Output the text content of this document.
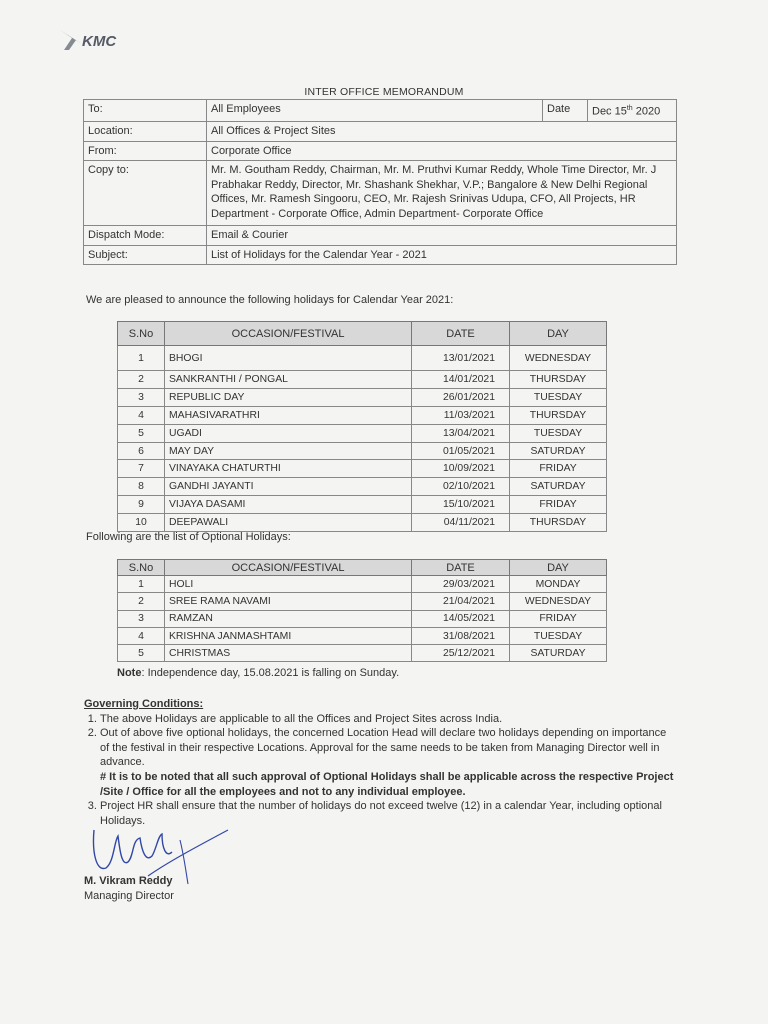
KMC
INTER OFFICE MEMORANDUM
To:	All Employees	Date	Dec 15th 2020
Location:	All Offices & Project Sites		
From:	Corporate Office		
Copy to:	Mr. M. Goutham Reddy, Chairman, Mr. M. Pruthvi Kumar Reddy, Whole Time Director, Mr. J Prabhakar Reddy, Director, Mr. Shashank Shekhar, V.P.; Bangalore & New Delhi Regional Offices, Mr. Ramesh Singooru, CEO, Mr. Rajesh Srinivas Udupa, CFO, All Projects, HR Department - Corporate Office, Admin Department- Corporate Office		
Dispatch Mode:	Email & Courier		
Subject:	List of Holidays for the Calendar Year - 2021		
We are pleased to announce the following holidays for Calendar Year 2021:
S.No	OCCASION/FESTIVAL	DATE	DAY
1	BHOGI	13/01/2021	WEDNESDAY
2	SANKRANTHI / PONGAL	14/01/2021	THURSDAY
3	REPUBLIC DAY	26/01/2021	TUESDAY
4	MAHASIVARATHRI	11/03/2021	THURSDAY
5	UGADI	13/04/2021	TUESDAY
6	MAY DAY	01/05/2021	SATURDAY
7	VINAYAKA CHATURTHI	10/09/2021	FRIDAY
8	GANDHI JAYANTI	02/10/2021	SATURDAY
9	VIJAYA DASAMI	15/10/2021	FRIDAY
10	DEEPAWALI	04/11/2021	THURSDAY
Following are the list of Optional Holidays:
S.No	OCCASION/FESTIVAL	DATE	DAY
1	HOLI	29/03/2021	MONDAY
2	SREE RAMA NAVAMI	21/04/2021	WEDNESDAY
3	RAMZAN	14/05/2021	FRIDAY
4	KRISHNA JANMASHTAMI	31/08/2021	TUESDAY
5	CHRISTMAS	25/12/2021	SATURDAY
Note: Independence day, 15.08.2021 is falling on Sunday.
Governing Conditions:
1. The above Holidays are applicable to all the Offices and Project Sites across India.
2. Out of above five optional holidays, the concerned Location Head will declare two holidays depending on importance of the festival in their respective Locations. Approval for the same needs to be taken from Managing Director well in advance.
# It is to be noted that all such approval of Optional Holidays shall be applicable across the respective Project /Site / Office for all the employees and not to any individual employee.
3. Project HR shall ensure that the number of holidays do not exceed twelve (12) in a calendar Year, including optional Holidays.
M. Vikram Reddy
Managing Director
